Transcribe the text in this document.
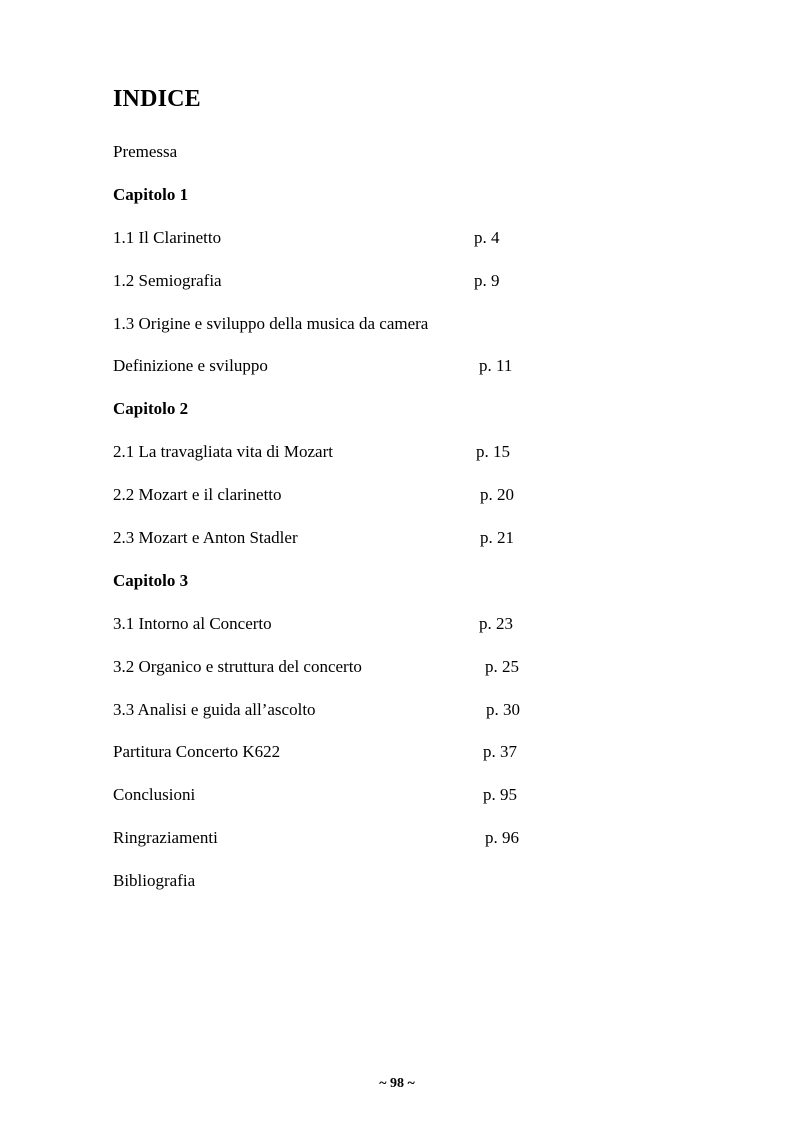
INDICE
Premessa
Capitolo 1
1.1 Il Clarinetto	p. 4
1.2 Semiografia	p. 9
1.3 Origine e sviluppo della musica da camera
Definizione e sviluppo	p. 11
Capitolo 2
2.1 La travagliata vita di Mozart	p. 15
2.2 Mozart e il clarinetto	p. 20
2.3 Mozart e Anton Stadler	p. 21
Capitolo 3
3.1 Intorno al Concerto	p. 23
3.2 Organico e struttura del concerto	p. 25
3.3 Analisi e guida all’ascolto	p. 30
Partitura Concerto K622	p. 37
Conclusioni	p. 95
Ringraziamenti	p. 96
Bibliografia
~ 98 ~
